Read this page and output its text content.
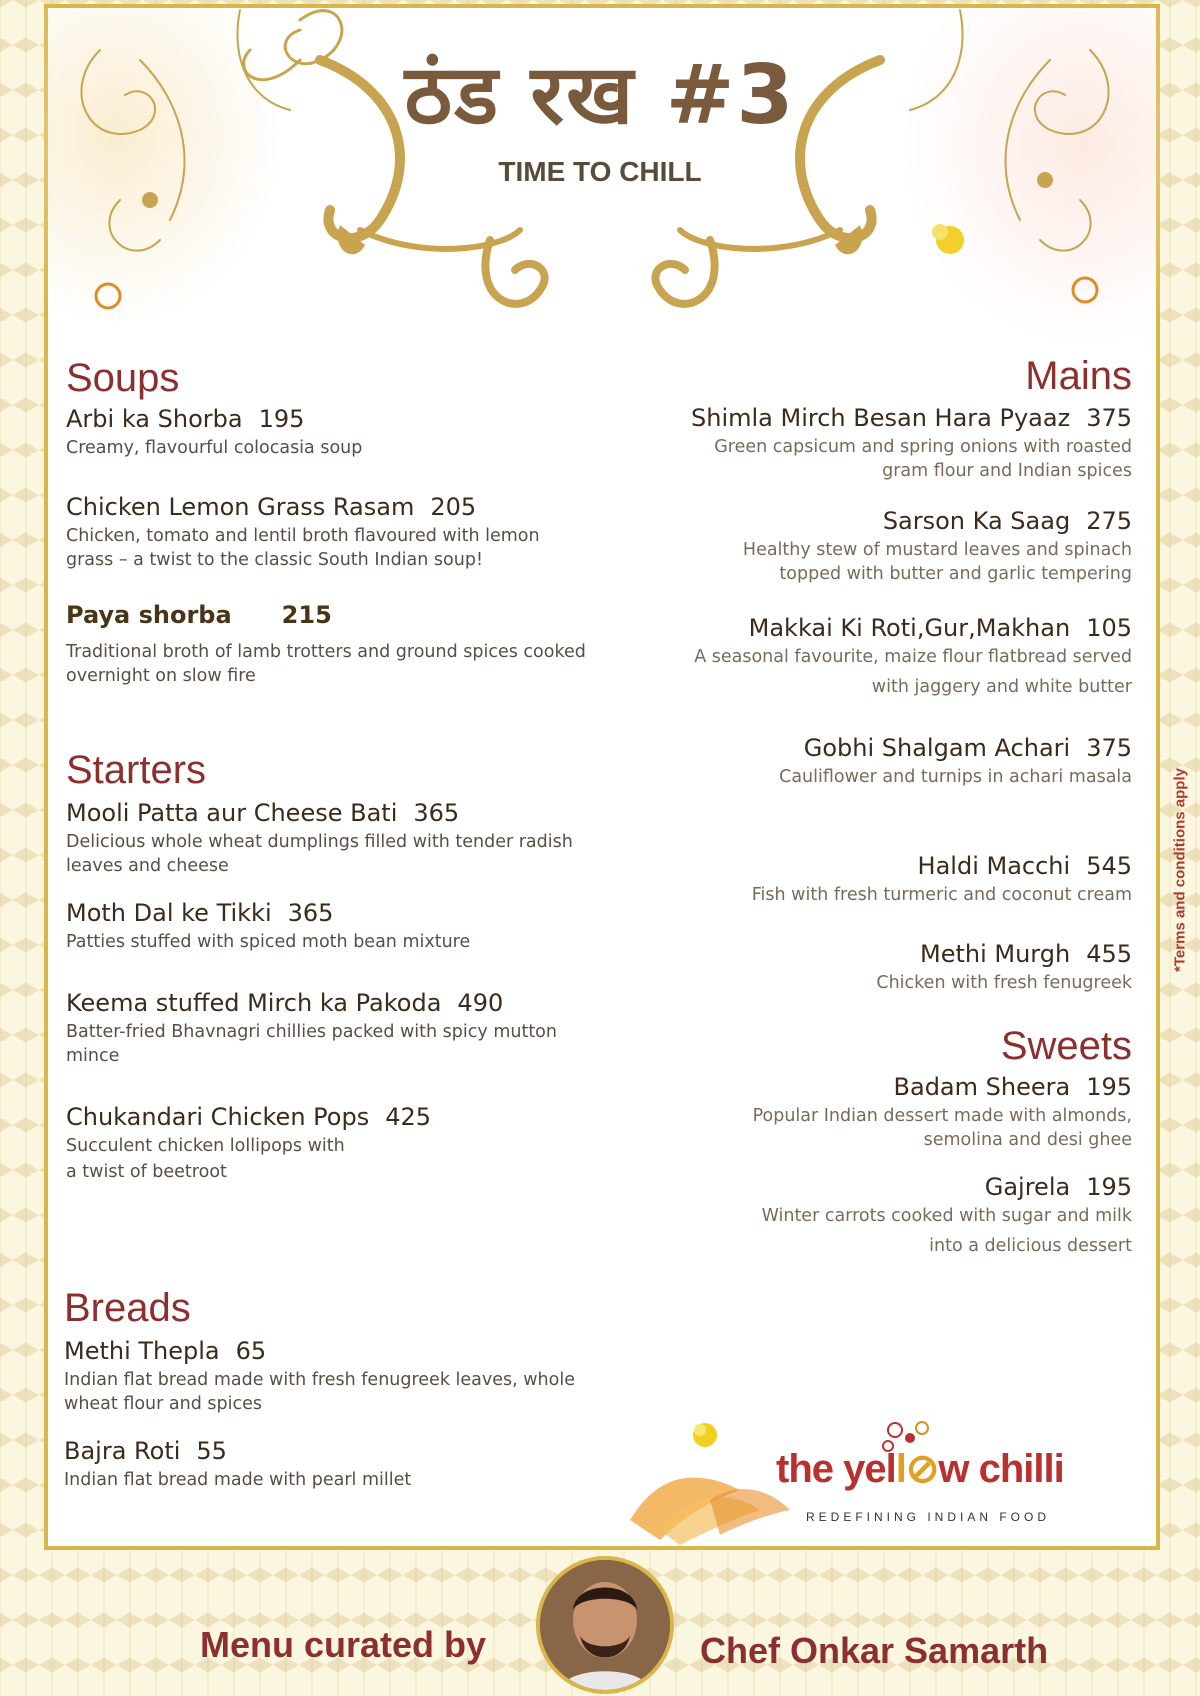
ठंड रख #3
TIME TO CHILL
Soups
Arbi ka Shorba 195
Creamy, flavourful colocasia soup
Chicken Lemon Grass Rasam 205
Chicken, tomato and lentil broth flavoured with lemon grass – a twist to the classic South Indian soup!
Paya shorba 215
Traditional broth of lamb trotters and ground spices cooked overnight on slow fire
Starters
Mooli Patta aur Cheese Bati 365
Delicious whole wheat dumplings filled with tender radish leaves and cheese
Moth Dal ke Tikki 365
Patties stuffed with spiced moth bean mixture
Keema stuffed Mirch ka Pakoda 490
Batter-fried Bhavnagri chillies packed with spicy mutton mince
Chukandari Chicken Pops 425
Succulent chicken lollipops with
a twist of beetroot
Breads
Methi Thepla 65
Indian flat bread made with fresh fenugreek leaves, whole wheat flour and spices
Bajra Roti 55
Indian flat bread made with pearl millet
Mains
Shimla Mirch Besan Hara Pyaaz 375
Green capsicum and spring onions with roasted
gram flour and Indian spices
Sarson Ka Saag 275
Healthy stew of mustard leaves and spinach
topped with butter and garlic tempering
Makkai Ki Roti,Gur,Makhan 105
A seasonal favourite, maize flour flatbread served
with jaggery and white butter
Gobhi Shalgam Achari 375
Cauliflower and turnips in achari masala
Haldi Macchi 545
Fish with fresh turmeric and coconut cream
Methi Murgh 455
Chicken with fresh fenugreek
Sweets
Badam Sheera 195
Popular Indian dessert made with almonds,
semolina and desi ghee
Gajrela 195
Winter carrots cooked with sugar and milk
into a delicious dessert
*Terms and conditions apply
the yell⊘w chilli
REDEFINING INDIAN FOOD
Menu curated by	Chef Onkar Samarth
